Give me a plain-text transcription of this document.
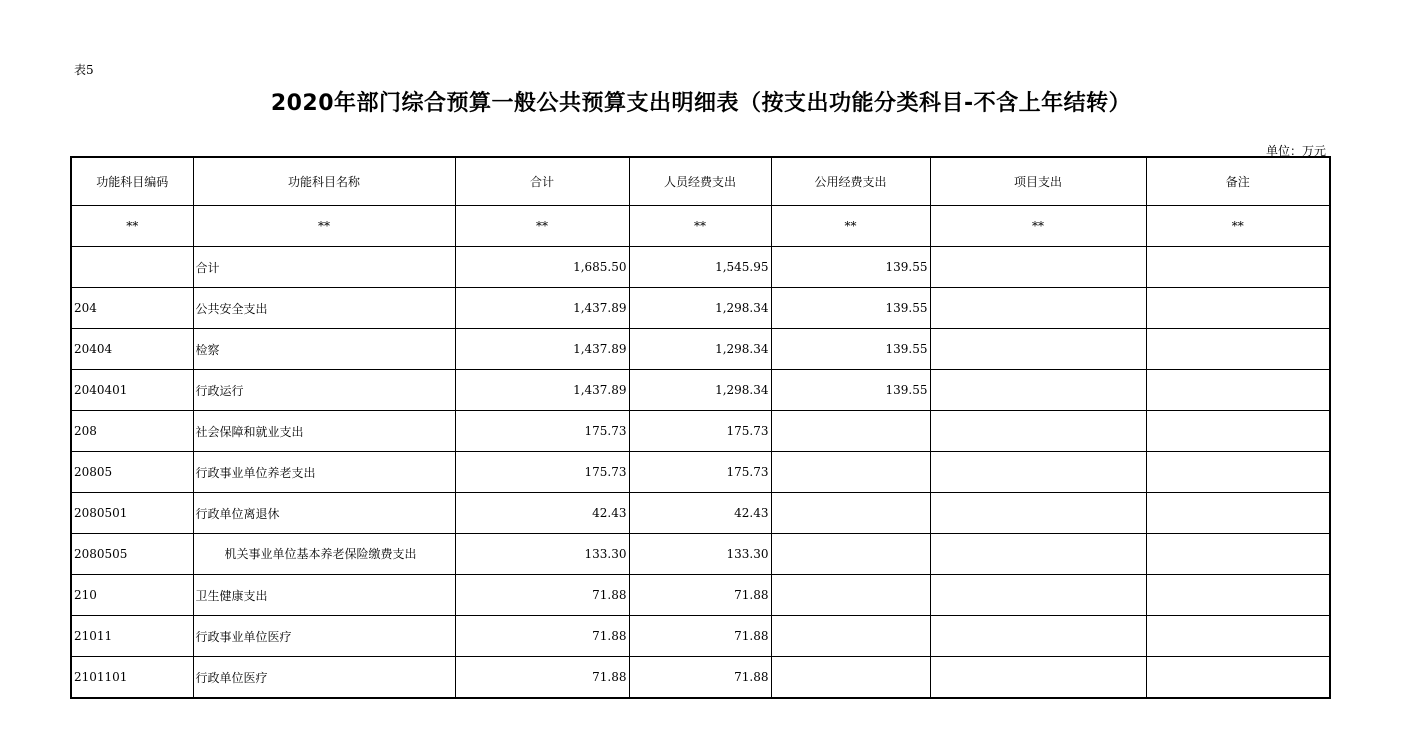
表5
2020年部门综合预算一般公共预算支出明细表（按支出功能分类科目-不含上年结转）
单位：万元
功能科目编码	功能科目名称	合计	人员经费支出	公用经费支出	项目支出	备注
**	**	**	**	**	**	**
	合计	1,685.50	1,545.95	139.55		
204	公共安全支出	1,437.89	1,298.34	139.55		
20404	检察	1,437.89	1,298.34	139.55		
2040401	行政运行	1,437.89	1,298.34	139.55		
208	社会保障和就业支出	175.73	175.73			
20805	行政事业单位养老支出	175.73	175.73			
2080501	行政单位离退休	42.43	42.43			
2080505	机关事业单位基本养老保险缴费支出	133.30	133.30			
210	卫生健康支出	71.88	71.88			
21011	行政事业单位医疗	71.88	71.88			
2101101	行政单位医疗	71.88	71.88			
